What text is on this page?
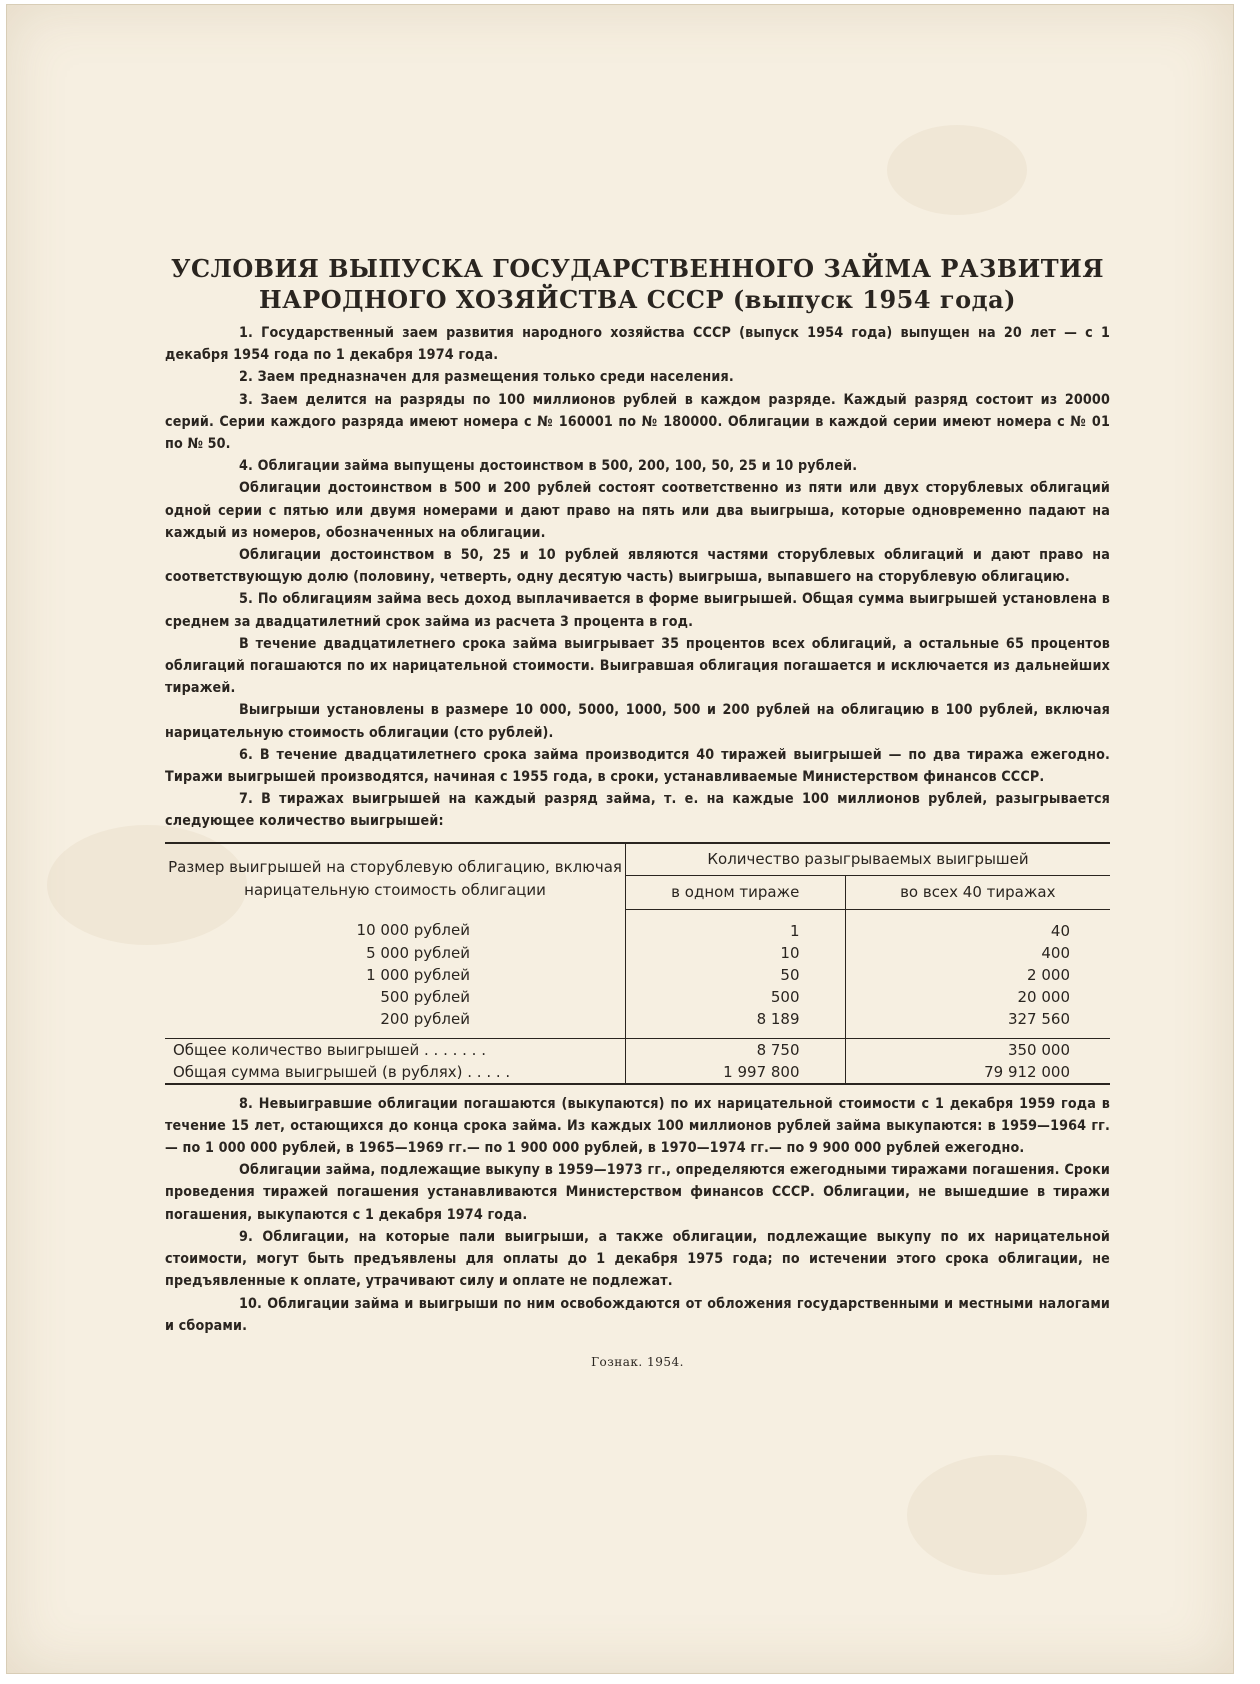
УСЛОВИЯ ВЫПУСКА ГОСУДАРСТВЕННОГО ЗАЙМА РАЗВИТИЯ
НАРОДНОГО ХОЗЯЙСТВА СССР (выпуск 1954 года)

1. Государственный заем развития народного хозяйства СССР (выпуск 1954 года) выпущен на 20 лет — с 1 декабря 1954 года по 1 декабря 1974 года.

2. Заем предназначен для размещения только среди населения.

3. Заем делится на разряды по 100 миллионов рублей в каждом разряде. Каждый разряд состоит из 20000 серий. Серии каждого разряда имеют номера с № 160001 по № 180000. Облигации в каждой серии имеют номера с № 01 по № 50.

4. Облигации займа выпущены достоинством в 500, 200, 100, 50, 25 и 10 рублей.

Облигации достоинством в 500 и 200 рублей состоят соответственно из пяти или двух сторублевых облигаций одной серии с пятью или двумя номерами и дают право на пять или два выигрыша, которые одновременно падают на каждый из номеров, обозначенных на облигации.

Облигации достоинством в 50, 25 и 10 рублей являются частями сторублевых облигаций и дают право на соответствующую долю (половину, четверть, одну десятую часть) выигрыша, выпавшего на сторублевую облигацию.

5. По облигациям займа весь доход выплачивается в форме выигрышей. Общая сумма выигрышей установлена в среднем за двадцатилетний срок займа из расчета 3 процента в год.

В течение двадцатилетнего срока займа выигрывает 35 процентов всех облигаций, а остальные 65 процентов облигаций погашаются по их нарицательной стоимости. Выигравшая облигация погашается и исключается из дальнейших тиражей.

Выигрыши установлены в размере 10 000, 5000, 1000, 500 и 200 рублей на облигацию в 100 рублей, включая нарицательную стоимость облигации (сто рублей).

6. В течение двадцатилетнего срока займа производится 40 тиражей выигрышей — по два тиража ежегодно. Тиражи выигрышей производятся, начиная с 1955 года, в сроки, устанавливаемые Министерством финансов СССР.

7. В тиражах выигрышей на каждый разряд займа, т. е. на каждые 100 миллионов рублей, разыгрывается следующее количество выигрышей:

Размер выигрышей на сторублевую облигацию, включая нарицательную стоимость облигации	Количество разыгрываемых выигрышей	
	в одном тираже	во всех 40 тиражах
10 000 рублей	1	40
5 000 рублей	10	400
1 000 рублей	50	2 000
500 рублей	500	20 000
200 рублей	8 189	327 560

Общее количество выигрышей . . . . . . .	8 750	350 000
Общая сумма выигрышей (в рублях) . . . . .	1 997 800	79 912 000

8. Невыигравшие облигации погашаются (выкупаются) по их нарицательной стоимости с 1 декабря 1959 года в течение 15 лет, остающихся до конца срока займа. Из каждых 100 миллионов рублей займа выкупаются: в 1959—1964 гг.— по 1 000 000 рублей, в 1965—1969 гг.— по 1 900 000 рублей, в 1970—1974 гг.— по 9 900 000 рублей ежегодно.

Облигации займа, подлежащие выкупу в 1959—1973 гг., определяются ежегодными тиражами погашения. Сроки проведения тиражей погашения устанавливаются Министерством финансов СССР. Облигации, не вышедшие в тиражи погашения, выкупаются с 1 декабря 1974 года.

9. Облигации, на которые пали выигрыши, а также облигации, подлежащие выкупу по их нарицательной стоимости, могут быть предъявлены для оплаты до 1 декабря 1975 года; по истечении этого срока облигации, не предъявленные к оплате, утрачивают силу и оплате не подлежат.

10. Облигации займа и выигрыши по ним освобождаются от обложения государственными и местными налогами и сборами.

Гознак. 1954.
